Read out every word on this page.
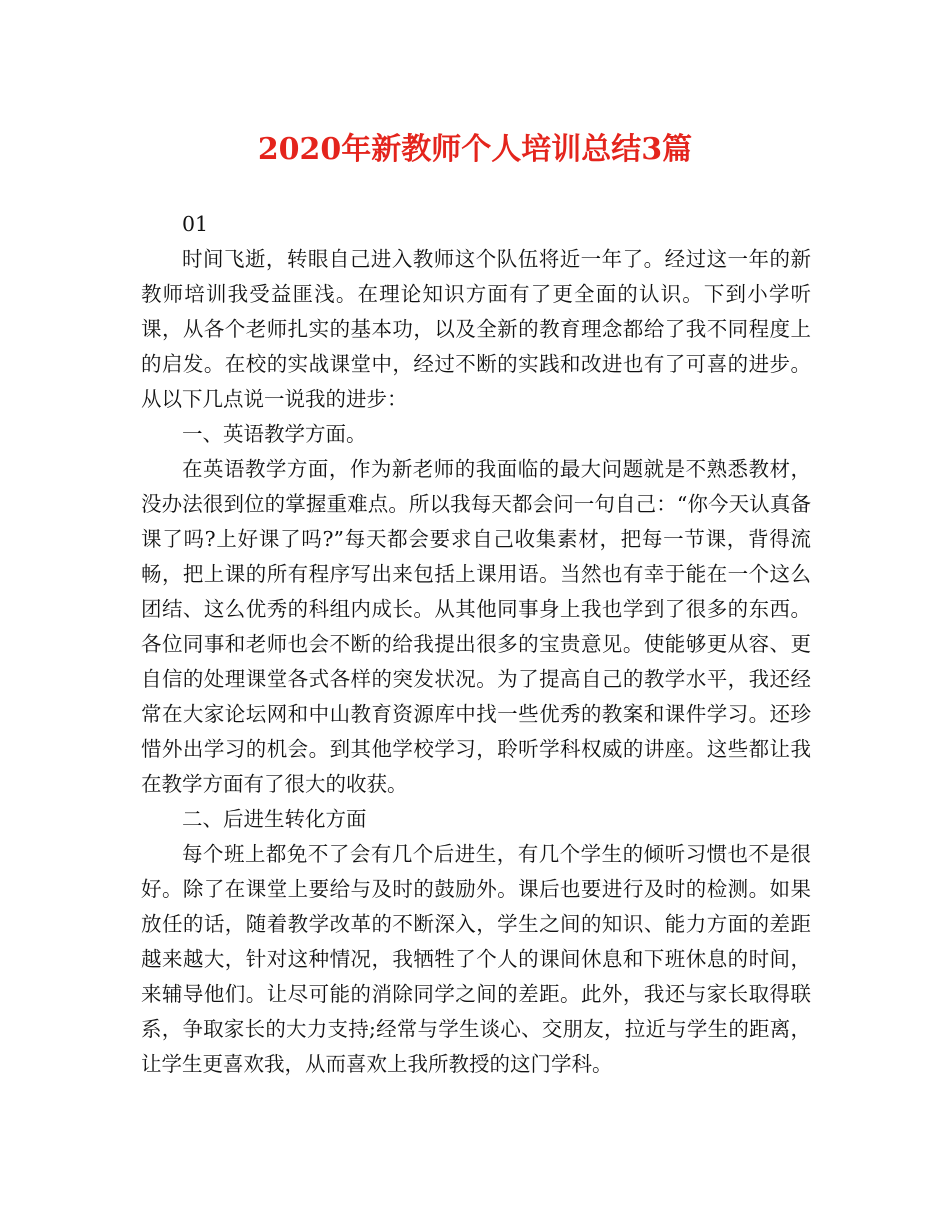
2020年新教师个人培训总结3篇

01

时间飞逝，转眼自己进入教师这个队伍将近一年了。经过这一年的新教师培训我受益匪浅。在理论知识方面有了更全面的认识。下到小学听课，从各个老师扎实的基本功，以及全新的教育理念都给了我不同程度上的启发。在校的实战课堂中，经过不断的实践和改进也有了可喜的进步。从以下几点说一说我的进步：

一、英语教学方面。

在英语教学方面，作为新老师的我面临的最大问题就是不熟悉教材，没办法很到位的掌握重难点。所以我每天都会问一句自己：“你今天认真备课了吗?上好课了吗?”每天都会要求自己收集素材，把每一节课，背得流畅，把上课的所有程序写出来包括上课用语。当然也有幸于能在一个这么团结、这么优秀的科组内成长。从其他同事身上我也学到了很多的东西。各位同事和老师也会不断的给我提出很多的宝贵意见。使能够更从容、更自信的处理课堂各式各样的突发状况。为了提高自己的教学水平，我还经常在大家论坛网和中山教育资源库中找一些优秀的教案和课件学习。还珍惜外出学习的机会。到其他学校学习，聆听学科权威的讲座。这些都让我在教学方面有了很大的收获。

二、后进生转化方面

每个班上都免不了会有几个后进生，有几个学生的倾听习惯也不是很好。除了在课堂上要给与及时的鼓励外。课后也要进行及时的检测。如果放任的话，随着教学改革的不断深入，学生之间的知识、能力方面的差距越来越大，针对这种情况，我牺牲了个人的课间休息和下班休息的时间，来辅导他们。让尽可能的消除同学之间的差距。此外，我还与家长取得联系，争取家长的大力支持;经常与学生谈心、交朋友，拉近与学生的距离，让学生更喜欢我，从而喜欢上我所教授的这门学科。
